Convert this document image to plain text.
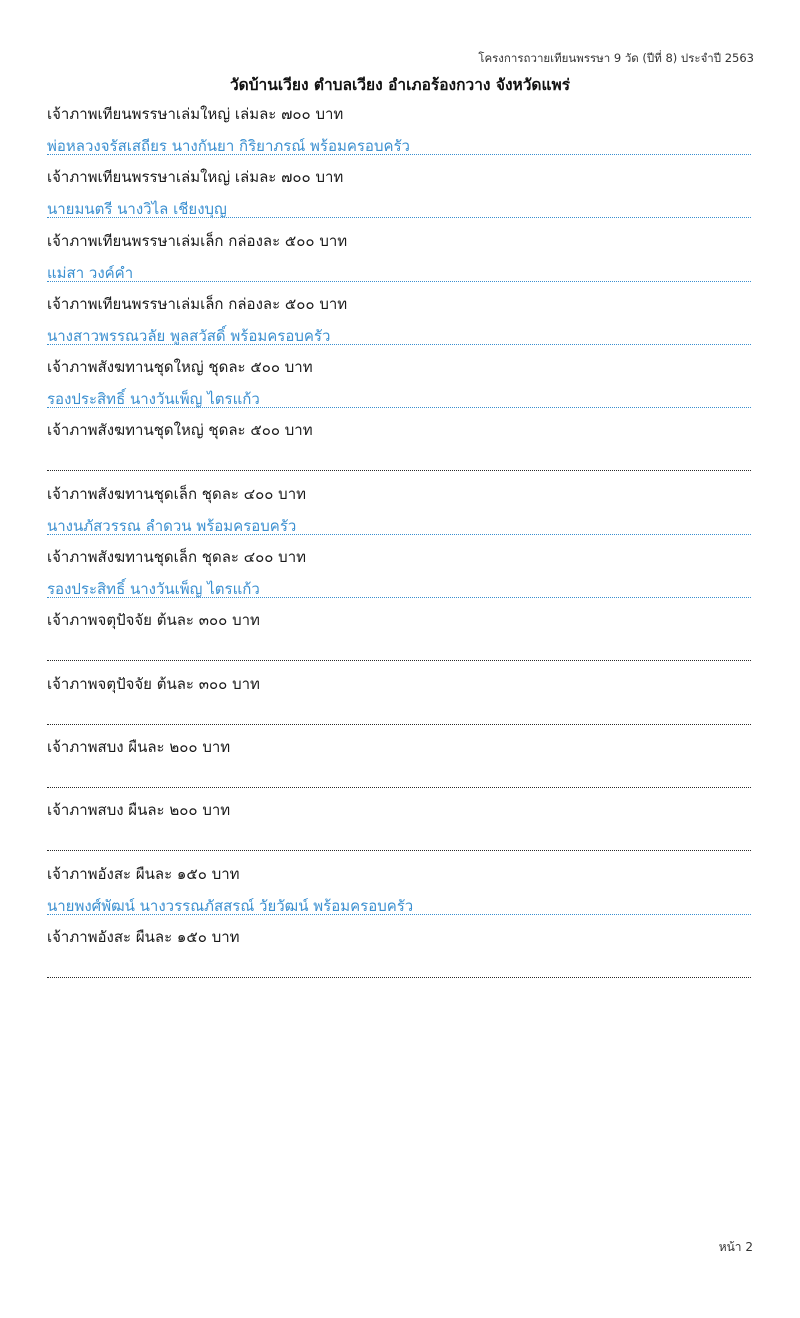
โครงการถวายเทียนพรรษา 9 วัด (ปีที่ 8) ประจำปี 2563
วัดบ้านเวียง ตำบลเวียง อำเภอร้องกวาง จังหวัดแพร่
เจ้าภาพเทียนพรรษาเล่มใหญ่ เล่มละ ๗๐๐ บาท
พ่อหลวงจรัสเสถียร นางกันยา กิริยาภรณ์ พร้อมครอบครัว
เจ้าภาพเทียนพรรษาเล่มใหญ่ เล่มละ ๗๐๐ บาท
นายมนตรี นางวิไล เชียงบุญ
เจ้าภาพเทียนพรรษาเล่มเล็ก กล่องละ ๕๐๐ บาท
แม่สา วงค์คำ
เจ้าภาพเทียนพรรษาเล่มเล็ก กล่องละ ๕๐๐ บาท
นางสาวพรรณวลัย พูลสวัสดิ์ พร้อมครอบครัว
เจ้าภาพสังฆทานชุดใหญ่ ชุดละ ๕๐๐ บาท
รองประสิทธิ์ นางวันเพ็ญ ไตรแก้ว
เจ้าภาพสังฆทานชุดใหญ่ ชุดละ ๕๐๐ บาท
เจ้าภาพสังฆทานชุดเล็ก ชุดละ ๔๐๐ บาท
นางนภัสวรรณ ลำดวน พร้อมครอบครัว
เจ้าภาพสังฆทานชุดเล็ก ชุดละ ๔๐๐ บาท
รองประสิทธิ์ นางวันเพ็ญ ไตรแก้ว
เจ้าภาพจตุปัจจัย ต้นละ ๓๐๐ บาท
เจ้าภาพจตุปัจจัย ต้นละ ๓๐๐ บาท
เจ้าภาพสบง ผืนละ ๒๐๐ บาท
เจ้าภาพสบง ผืนละ ๒๐๐ บาท
เจ้าภาพอังสะ ผืนละ ๑๕๐ บาท
นายพงศ์พัฒน์ นางวรรณภัสสรณ์ วัยวัฒน์ พร้อมครอบครัว
เจ้าภาพอังสะ ผืนละ ๑๕๐ บาท
หน้า 2
